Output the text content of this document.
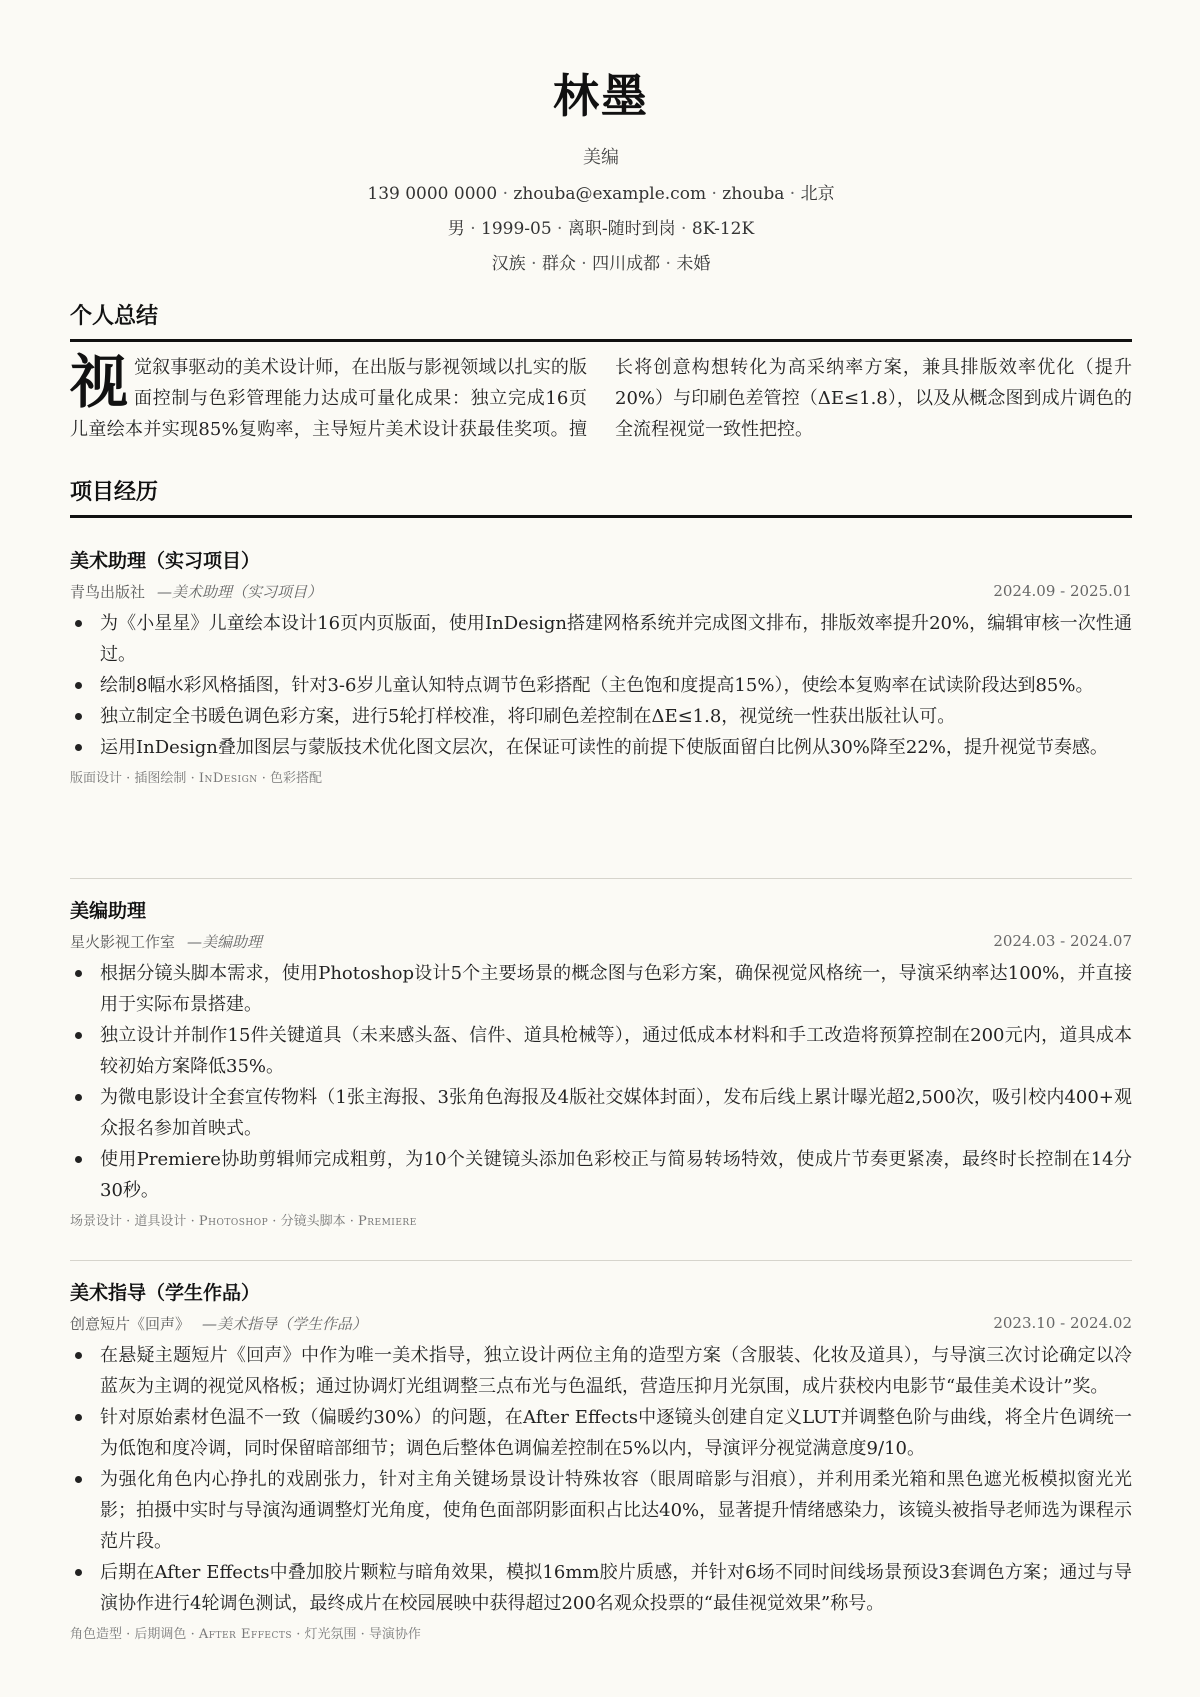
林墨
美编
139 0000 0000 · zhouba@example.com · zhouba · 北京
男 · 1999-05 · 离职-随时到岗 · 8K-12K
汉族 · 群众 · 四川成都 · 未婚
个人总结
视觉叙事驱动的美术设计师，在出版与影视领域以扎实的版面控制与色彩管理能力达成可量化成果：独立完成16页儿童绘本并实现85%复购率，主导短片美术设计获最佳奖项。擅长将创意构想转化为高采纳率方案，兼具排版效率优化（提升20%）与印刷色差管控（ΔE≤1.8），以及从概念图到成片调色的全流程视觉一致性把控。
项目经历
美术助理（实习项目）
青鸟出版社 —美术助理（实习项目）	2024.09 - 2025.01
为《小星星》儿童绘本设计16页内页版面，使用InDesign搭建网格系统并完成图文排布，排版效率提升20%，编辑审核一次性通过。
绘制8幅水彩风格插图，针对3-6岁儿童认知特点调节色彩搭配（主色饱和度提高15%），使绘本复购率在试读阶段达到85%。
独立制定全书暖色调色彩方案，进行5轮打样校准，将印刷色差控制在ΔE≤1.8，视觉统一性获出版社认可。
运用InDesign叠加图层与蒙版技术优化图文层次，在保证可读性的前提下使版面留白比例从30%降至22%，提升视觉节奏感。
版面设计 · 插图绘制 · InDesign · 色彩搭配
美编助理
星火影视工作室 —美编助理	2024.03 - 2024.07
根据分镜头脚本需求，使用Photoshop设计5个主要场景的概念图与色彩方案，确保视觉风格统一，导演采纳率达100%，并直接用于实际布景搭建。
独立设计并制作15件关键道具（未来感头盔、信件、道具枪械等），通过低成本材料和手工改造将预算控制在200元内，道具成本较初始方案降低35%。
为微电影设计全套宣传物料（1张主海报、3张角色海报及4版社交媒体封面），发布后线上累计曝光超2,500次，吸引校内400+观众报名参加首映式。
使用Premiere协助剪辑师完成粗剪，为10个关键镜头添加色彩校正与简易转场特效，使成片节奏更紧凑，最终时长控制在14分30秒。
场景设计 · 道具设计 · Photoshop · 分镜头脚本 · Premiere
美术指导（学生作品）
创意短片《回声》 —美术指导（学生作品）	2023.10 - 2024.02
在悬疑主题短片《回声》中作为唯一美术指导，独立设计两位主角的造型方案（含服装、化妆及道具），与导演三次讨论确定以冷蓝灰为主调的视觉风格板；通过协调灯光组调整三点布光与色温纸，营造压抑月光氛围，成片获校内电影节“最佳美术设计”奖。
针对原始素材色温不一致（偏暖约30%）的问题，在After Effects中逐镜头创建自定义LUT并调整色阶与曲线，将全片色调统一为低饱和度冷调，同时保留暗部细节；调色后整体色调偏差控制在5%以内，导演评分视觉满意度9/10。
为强化角色内心挣扎的戏剧张力，针对主角关键场景设计特殊妆容（眼周暗影与泪痕），并利用柔光箱和黑色遮光板模拟窗光光影；拍摄中实时与导演沟通调整灯光角度，使角色面部阴影面积占比达40%，显著提升情绪感染力，该镜头被指导老师选为课程示范片段。
后期在After Effects中叠加胶片颗粒与暗角效果，模拟16mm胶片质感，并针对6场不同时间线场景预设3套调色方案；通过与导演协作进行4轮调色测试，最终成片在校园展映中获得超过200名观众投票的“最佳视觉效果”称号。
角色造型 · 后期调色 · After Effects · 灯光氛围 · 导演协作
